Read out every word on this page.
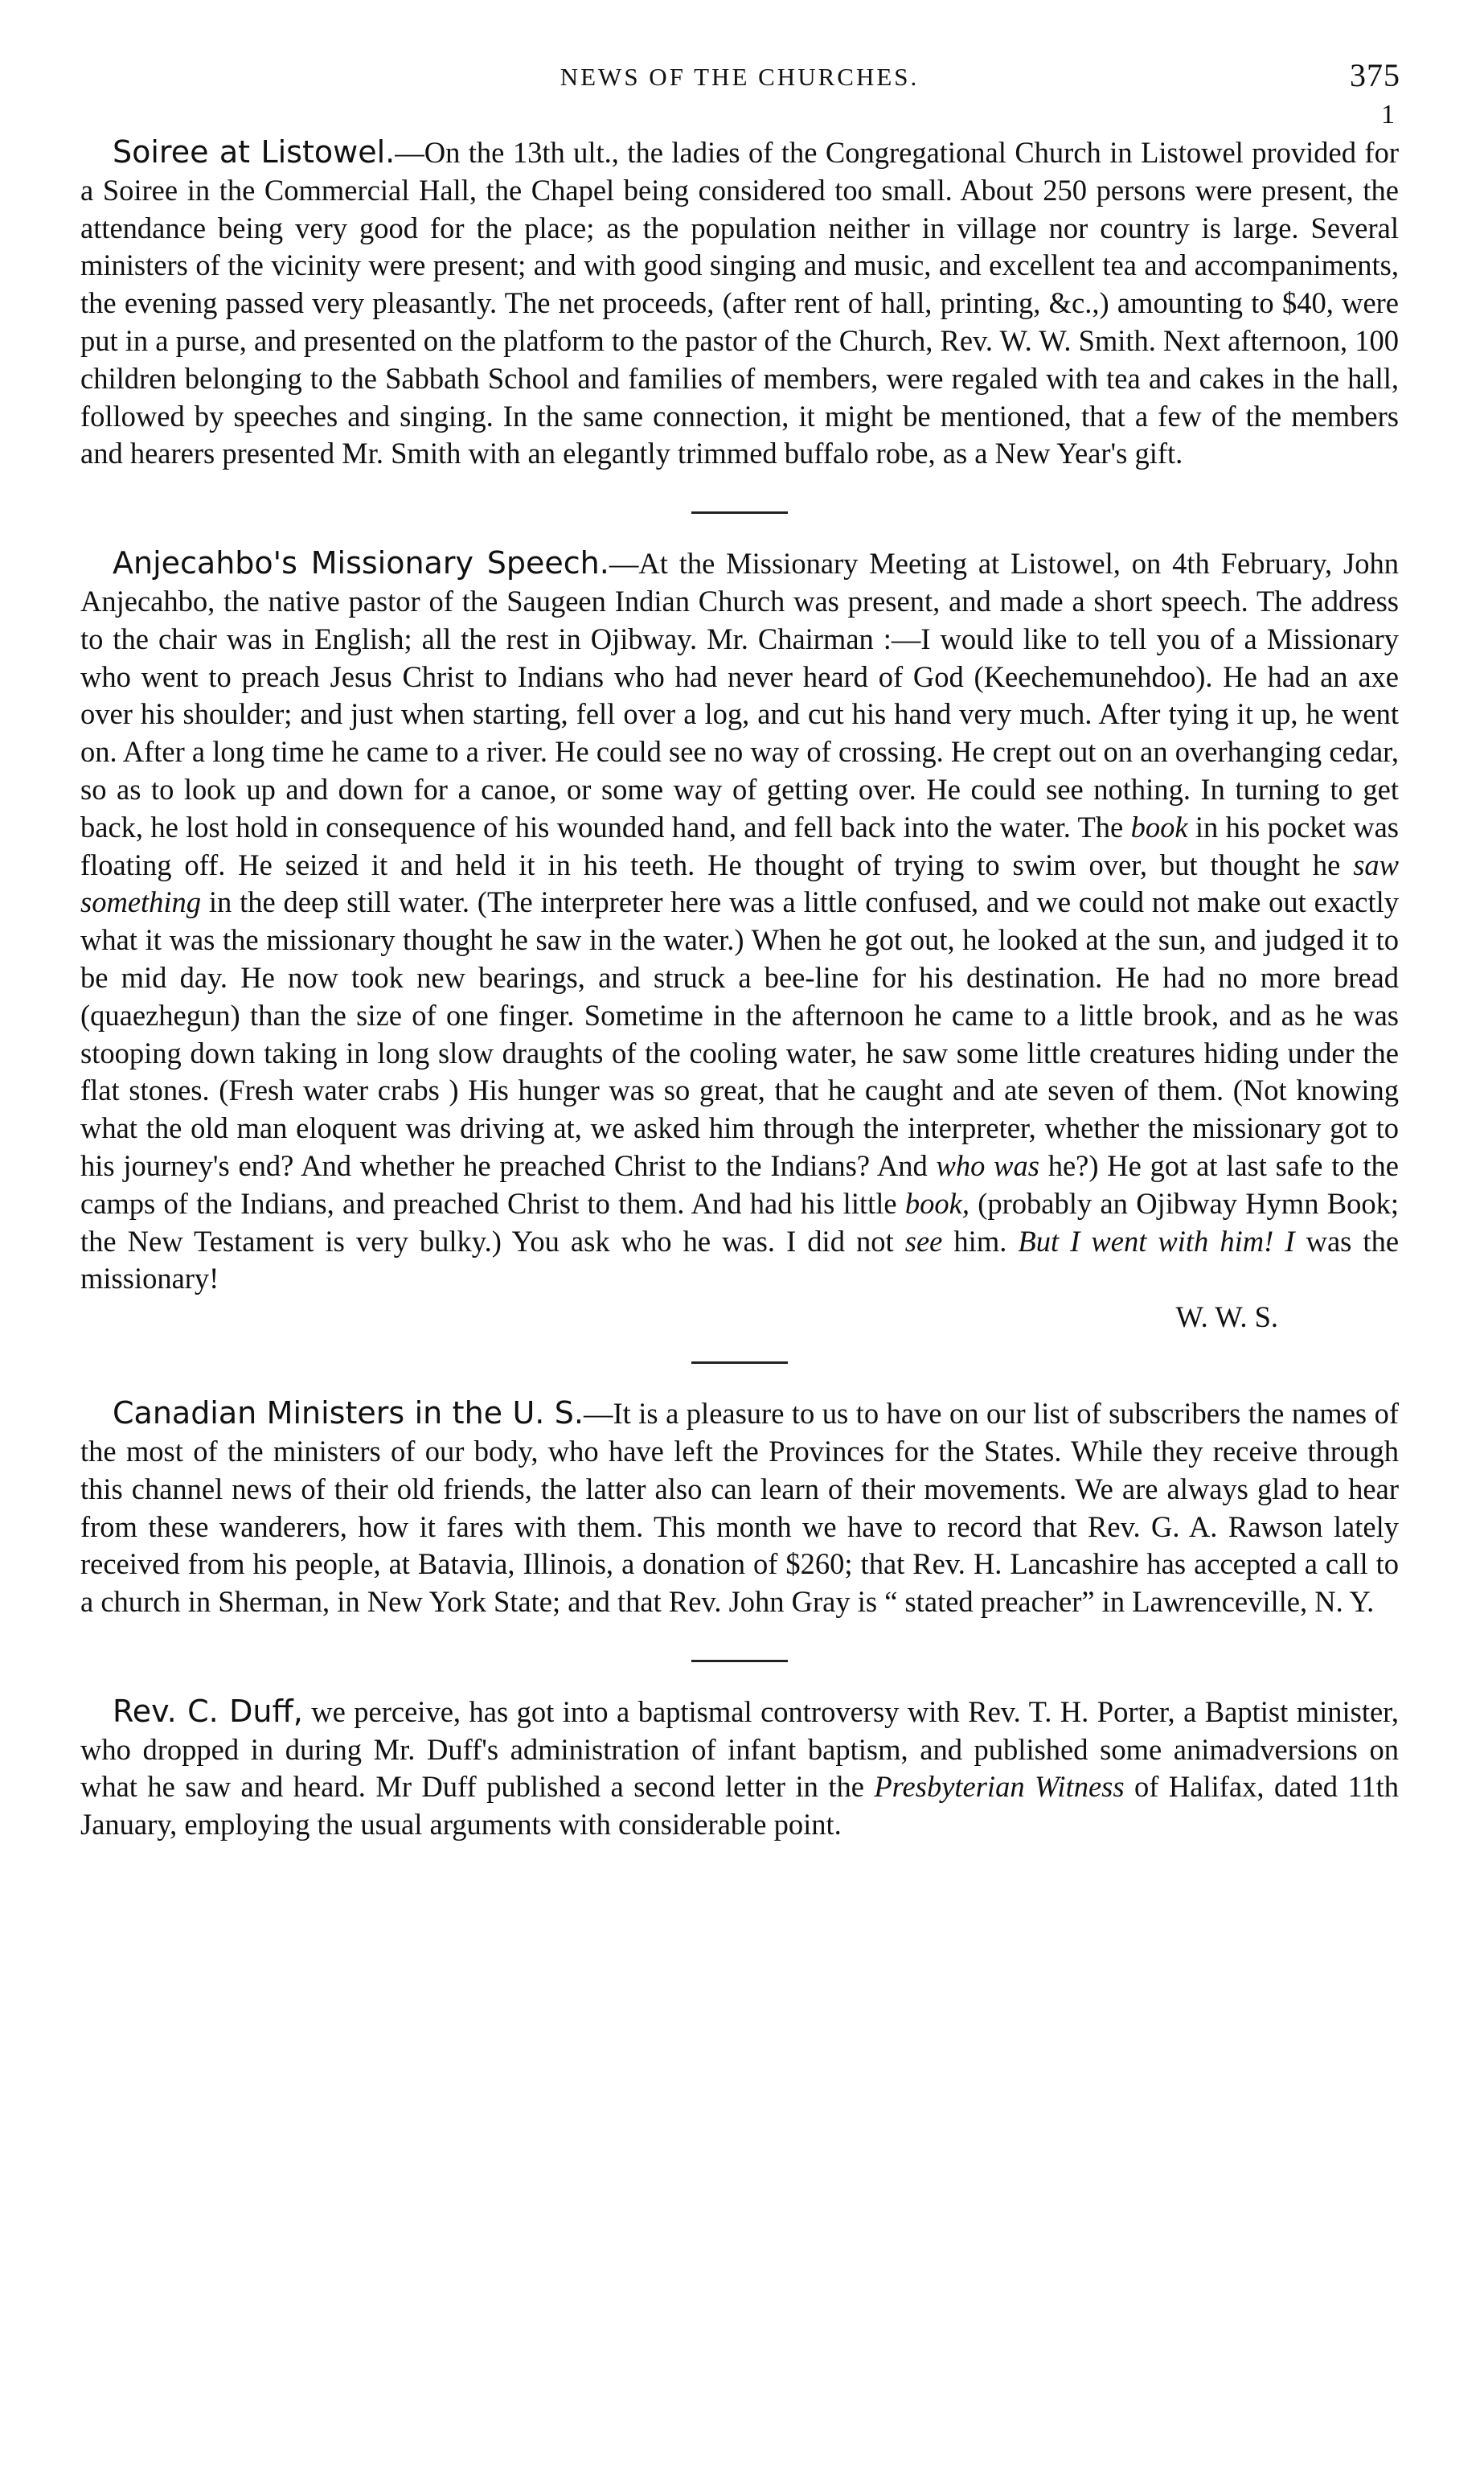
NEWS OF THE CHURCHES.	375
1

Soiree at Listowel.—On the 13th ult., the ladies of the Congregational Church in Listowel provided for a Soiree in the Commercial Hall, the Chapel being considered too small. About 250 persons were present, the attendance being very good for the place; as the population neither in village nor country is large. Several ministers of the vicinity were present; and with good singing and music, and excellent tea and accompaniments, the evening passed very pleasantly. The net proceeds, (after rent of hall, printing, &c.,) amounting to $40, were put in a purse, and presented on the platform to the pastor of the Church, Rev. W. W. Smith. Next afternoon, 100 children belonging to the Sabbath School and families of members, were regaled with tea and cakes in the hall, followed by speeches and singing. In the same connection, it might be mentioned, that a few of the members and hearers presented Mr. Smith with an elegantly trimmed buffalo robe, as a New Year's gift.

Anjecahbo's Missionary Speech.—At the Missionary Meeting at Listowel, on 4th February, John Anjecahbo, the native pastor of the Saugeen Indian Church was present, and made a short speech. The address to the chair was in English; all the rest in Ojibway. Mr. Chairman :—I would like to tell you of a Missionary who went to preach Jesus Christ to Indians who had never heard of God (Keechemunehdoo). He had an axe over his shoulder; and just when starting, fell over a log, and cut his hand very much. After tying it up, he went on. After a long time he came to a river. He could see no way of crossing. He crept out on an overhanging cedar, so as to look up and down for a canoe, or some way of getting over. He could see nothing. In turning to get back, he lost hold in consequence of his wounded hand, and fell back into the water. The book in his pocket was floating off. He seized it and held it in his teeth. He thought of trying to swim over, but thought he saw something in the deep still water. (The interpreter here was a little confused, and we could not make out exactly what it was the missionary thought he saw in the water.) When he got out, he looked at the sun, and judged it to be mid day. He now took new bearings, and struck a bee-line for his destination. He had no more bread (quaezhegun) than the size of one finger. Sometime in the afternoon he came to a little brook, and as he was stooping down taking in long slow draughts of the cooling water, he saw some little creatures hiding under the flat stones. (Fresh water crabs ) His hunger was so great, that he caught and ate seven of them. (Not knowing what the old man eloquent was driving at, we asked him through the interpreter, whether the missionary got to his journey's end? And whether he preached Christ to the Indians? And who was he?) He got at last safe to the camps of the Indians, and preached Christ to them. And had his little book, (probably an Ojibway Hymn Book; the New Testament is very bulky.) You ask who he was. I did not see him. But I went with him! I was the missionary!

W. W. S.

Canadian Ministers in the U. S.—It is a pleasure to us to have on our list of subscribers the names of the most of the ministers of our body, who have left the Provinces for the States. While they receive through this channel news of their old friends, the latter also can learn of their movements. We are always glad to hear from these wanderers, how it fares with them. This month we have to record that Rev. G. A. Rawson lately received from his people, at Batavia, Illinois, a donation of $260; that Rev. H. Lancashire has accepted a call to a church in Sherman, in New York State; and that Rev. John Gray is “ stated preacher” in Lawrenceville, N. Y.

Rev. C. Duff, we perceive, has got into a baptismal controversy with Rev. T. H. Porter, a Baptist minister, who dropped in during Mr. Duff's administration of infant baptism, and published some animadversions on what he saw and heard. Mr Duff published a second letter in the Presbyterian Witness of Halifax, dated 11th January, employing the usual arguments with considerable point.
